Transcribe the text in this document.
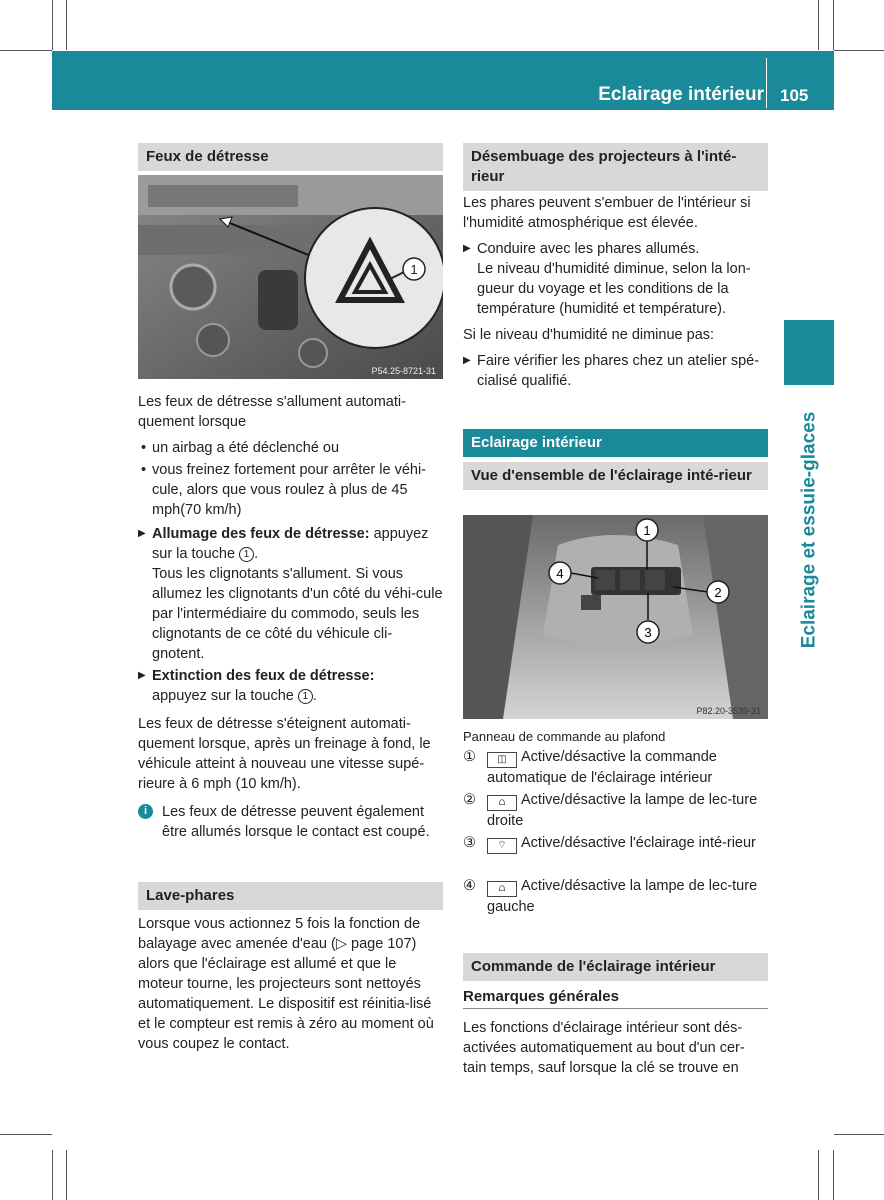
Eclairage intérieur 105
Eclairage et essuie-glaces
Feux de détresse
1
P54.25-8721-31

Les feux de détresse s'allument automati-quement lorsque

• un airbag a été déclenché ou

• vous freinez fortement pour arrêter le véhi-cule, alors que vous roulez à plus de 45 mph(70 km/h)

▶ Allumage des feux de détresse: appuyez sur la touche 1 .

Tous les clignotants s'allument. Si vous allumez les clignotants d'un côté du véhi-cule par l'intermédiaire du commodo, seuls les clignotants de ce côté du véhicule cli-gnotent.

▶ Extinction des feux de détresse:
appuyez sur la touche 1 .

Les feux de détresse s'éteignent automati-quement lorsque, après un freinage à fond, le véhicule atteint à nouveau une vitesse supé-rieure à 6 mph (10 km/h).

i	Les feux de détresse peuvent également être allumés lorsque le contact est coupé.

Lave-phares
Lorsque vous actionnez 5 fois la fonction de balayage avec amenée d'eau (▷ page 107) alors que l'éclairage est allumé et que le moteur tourne, les projecteurs sont nettoyés automatiquement. Le dispositif est réinitia-lisé et le compteur est remis à zéro au moment où vous coupez le contact.
Désembuage des projecteurs à l'inté-rieur

Les phares peuvent s'embuer de l'intérieur si l'humidité atmosphérique est élevée.

▶ Conduire avec les phares allumés.

Le niveau d'humidité diminue, selon la lon-gueur du voyage et les conditions de la température (humidité et température).

Si le niveau d'humidité ne diminue pas:

▶ Faire vérifier les phares chez un atelier spé-cialisé qualifié.

Eclairage intérieur
Vue d'ensemble de l'éclairage inté-rieur
1
2
3
4
P82.20-3539-31
Panneau de commande au plafond
①	◫ Active/désactive la commande automatique de l'éclairage intérieur
②	⩍ Active/désactive la lampe de lec-ture droite
③	⌔ Active/désactive l'éclairage inté-rieur
④	⩍ Active/désactive la lampe de lec-ture gauche
Commande de l'éclairage intérieur
Remarques générales
Les fonctions d'éclairage intérieur sont dés-activées automatiquement au bout d'un cer-tain temps, sauf lorsque la clé se trouve en
